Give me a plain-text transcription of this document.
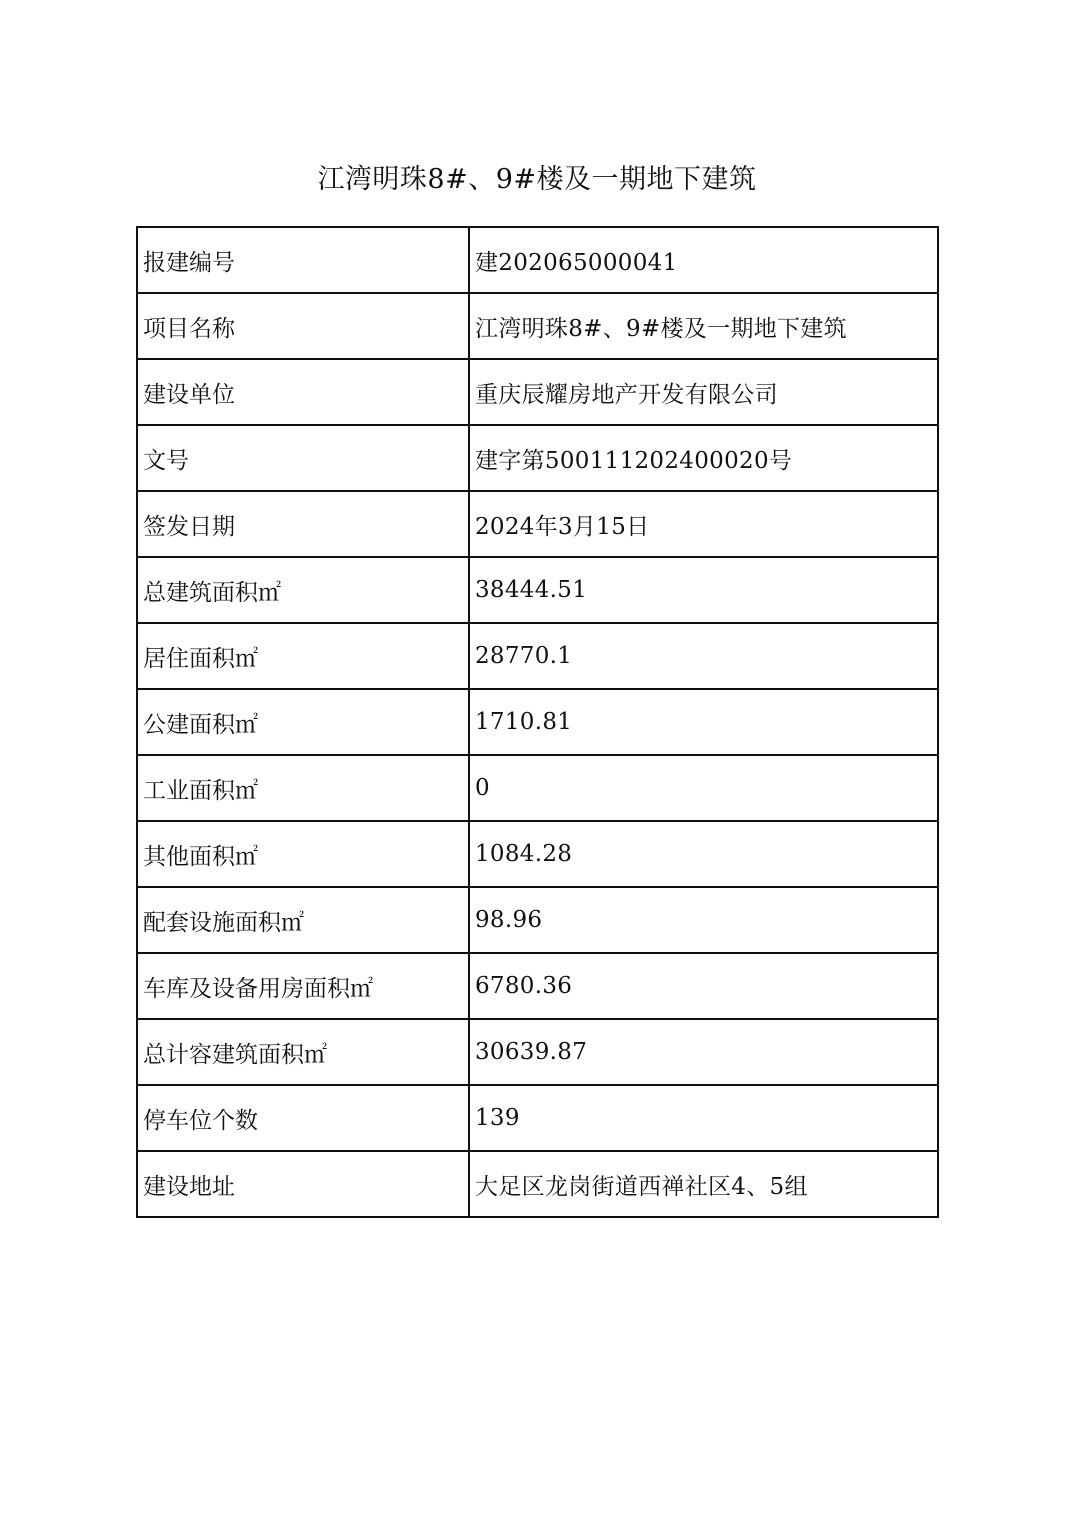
江湾明珠8#、9#楼及一期地下建筑
报建编号	建202065000041
项目名称	江湾明珠8#、9#楼及一期地下建筑
建设单位	重庆辰耀房地产开发有限公司
文号	建字第500111202400020号
签发日期	2024年3月15日
总建筑面积㎡	38444.51
居住面积㎡	28770.1
公建面积㎡	1710.81
工业面积㎡	0
其他面积㎡	1084.28
配套设施面积㎡	98.96
车库及设备用房面积㎡	6780.36
总计容建筑面积㎡	30639.87
停车位个数	139
建设地址	大足区龙岗街道西禅社区4、5组
